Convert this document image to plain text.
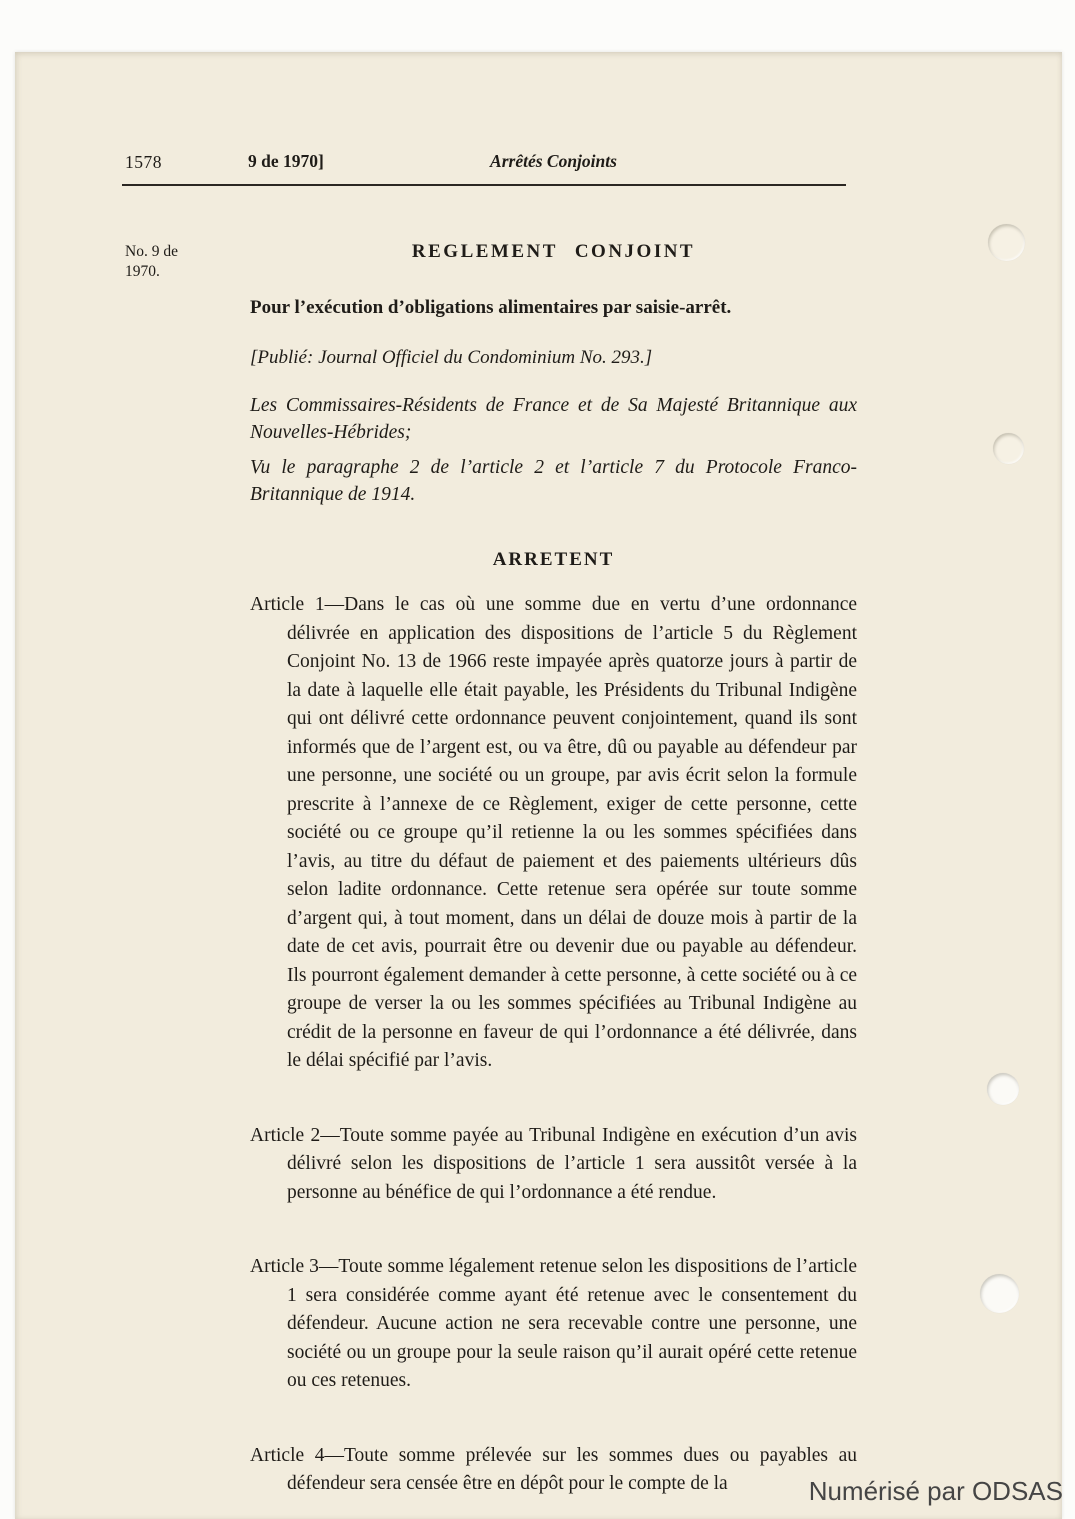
1578	9 de 1970]	Arrêtés Conjoints
No. 9 de
1970.
REGLEMENT CONJOINT

Pour l’exécution d’obligations alimentaires par saisie-arrêt.

[Publié: Journal Officiel du Condominium No. 293.]

Les Commissaires-Résidents de France et de Sa Majesté Britannique aux Nouvelles-Hébrides;

Vu le paragraphe 2 de l’article 2 et l’article 7 du Protocole Franco-Britannique de 1914.

ARRETENT

Article 1—Dans le cas où une somme due en vertu d’une ordonnance délivrée en application des dispositions de l’article 5 du Règlement Conjoint No. 13 de 1966 reste impayée après quatorze jours à partir de la date à laquelle elle était payable, les Présidents du Tribunal Indigène qui ont délivré cette ordonnance peuvent conjointement, quand ils sont informés que de l’argent est, ou va être, dû ou payable au défendeur par une personne, une société ou un groupe, par avis écrit selon la formule prescrite à l’annexe de ce Règlement, exiger de cette personne, cette société ou ce groupe qu’il retienne la ou les sommes spécifiées dans l’avis, au titre du défaut de paiement et des paiements ultérieurs dûs selon ladite ordonnance. Cette retenue sera opérée sur toute somme d’argent qui, à tout moment, dans un délai de douze mois à partir de la date de cet avis, pourrait être ou devenir due ou payable au défendeur. Ils pourront également demander à cette personne, à cette société ou à ce groupe de verser la ou les sommes spécifiées au Tribunal Indigène au crédit de la personne en faveur de qui l’ordonnance a été délivrée, dans le délai spécifié par l’avis.

Article 2—Toute somme payée au Tribunal Indigène en exécution d’un avis délivré selon les dispositions de l’article 1 sera aussitôt versée à la personne au bénéfice de qui l’ordonnance a été rendue.

Article 3—Toute somme légalement retenue selon les dispositions de l’article 1 sera considérée comme ayant été retenue avec le consentement du défendeur. Aucune action ne sera recevable contre une personne, une société ou un groupe pour la seule raison qu’il aurait opéré cette retenue ou ces retenues.

Article 4—Toute somme prélevée sur les sommes dues ou payables au défendeur sera censée être en dépôt pour le compte de la	Numérisé par ODSAS
